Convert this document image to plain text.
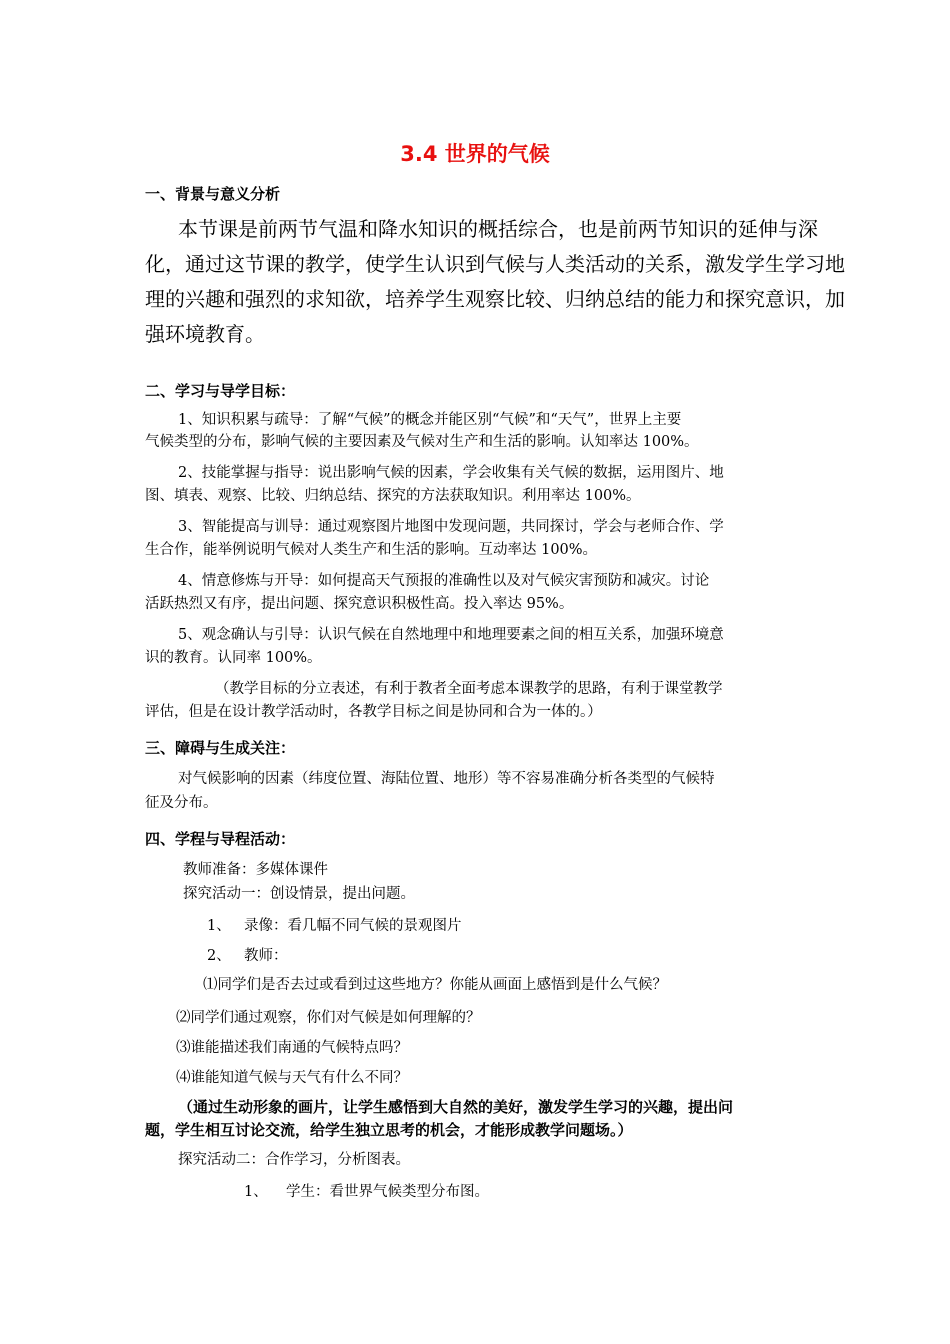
3.4 世界的气候
一、背景与意义分析
本节课是前两节气温和降水知识的概括综合，也是前两节知识的延伸与深
化，通过这节课的教学，使学生认识到气候与人类活动的关系，激发学生学习地
理的兴趣和强烈的求知欲，培养学生观察比较、归纳总结的能力和探究意识，加
强环境教育。
二、学习与导学目标：
1、知识积累与疏导：了解“气候”的概念并能区别“气候”和“天气”，世界上主要
气候类型的分布，影响气候的主要因素及气候对生产和生活的影响。认知率达 100%。
2、技能掌握与指导：说出影响气候的因素，学会收集有关气候的数据，运用图片、地
图、填表、观察、比较、归纳总结、探究的方法获取知识。利用率达 100%。
3、智能提高与训导：通过观察图片地图中发现问题，共同探讨，学会与老师合作、学
生合作，能举例说明气候对人类生产和生活的影响。互动率达 100%。
4、情意修炼与开导：如何提高天气预报的准确性以及对气候灾害预防和减灾。讨论
活跃热烈又有序，提出问题、探究意识积极性高。投入率达 95%。
5、观念确认与引导：认识气候在自然地理中和地理要素之间的相互关系，加强环境意
识的教育。认同率 100%。
（教学目标的分立表述，有利于教者全面考虑本课教学的思路，有利于课堂教学
评估，但是在设计教学活动时，各教学目标之间是协同和合为一体的。）
三、障碍与生成关注：
对气候影响的因素（纬度位置、海陆位置、地形）等不容易准确分析各类型的气候特
征及分布。
四、学程与导程活动：
教师准备：多媒体课件
探究活动一：创设情景，提出问题。
1、 录像：看几幅不同气候的景观图片
2、 教师：
⑴同学们是否去过或看到过这些地方？你能从画面上感悟到是什么气候？
⑵同学们通过观察，你们对气候是如何理解的？
⑶谁能描述我们南通的气候特点吗？
⑷谁能知道气候与天气有什么不同？
（通过生动形象的画片，让学生感悟到大自然的美好，激发学生学习的兴趣，提出问
题，学生相互讨论交流，给学生独立思考的机会，才能形成教学问题场。）
探究活动二：合作学习，分析图表。
1、 学生：看世界气候类型分布图。
